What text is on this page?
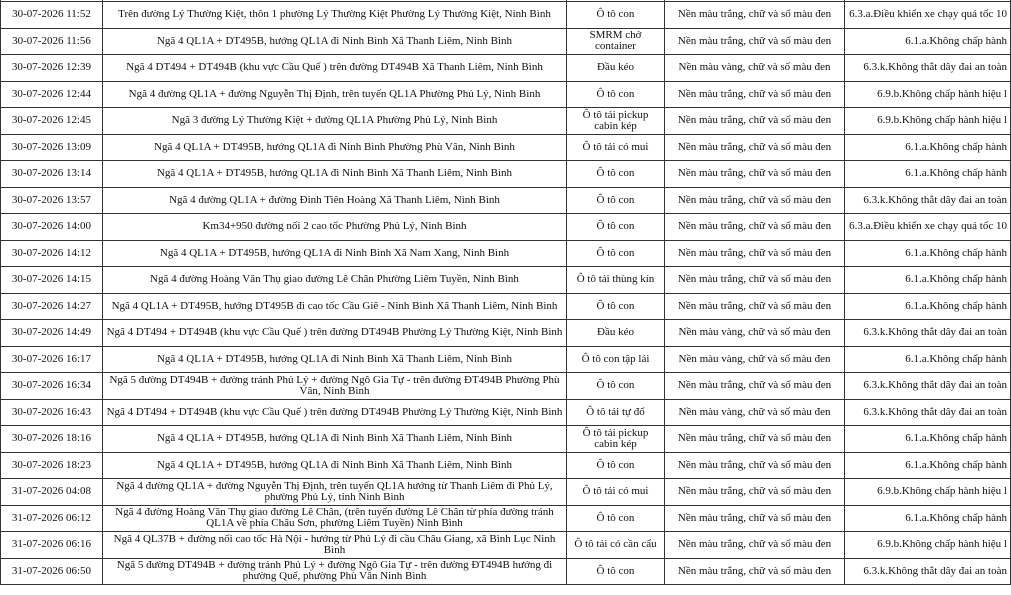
30-07-2026 11:52	Trên đường Lý Thường Kiệt, thôn 1 phường Lý Thường Kiệt Phường Lý Thường Kiệt, Ninh Bình	Ô tô con	Nền màu trắng, chữ và số màu đen	6.3.a.Điều khiển xe chạy quá tốc 10
30-07-2026 11:56	Ngã 4 QL1A + DT495B, hướng QL1A đi Ninh Bình Xã Thanh Liêm, Ninh Bình	SMRM chở container	Nền màu trắng, chữ và số màu đen	6.1.a.Không chấp hành
30-07-2026 12:39	Ngã 4 DT494 + DT494B (khu vực Cầu Quế ) trên đường DT494B Xã Thanh Liêm, Ninh Bình	Đầu kéo	Nền màu vàng, chữ và số màu đen	6.3.k.Không thắt dây đai an toàn
30-07-2026 12:44	Ngã 4 đường QL1A + đường Nguyễn Thị Định, trên tuyến QL1A Phường Phủ Lý, Ninh Bình	Ô tô con	Nền màu trắng, chữ và số màu đen	6.9.b.Không chấp hành hiệu l
30-07-2026 12:45	Ngã 3 đường Lý Thường Kiệt + đường QL1A Phường Phủ Lý, Ninh Bình	Ô tô tải pickup cabin kép	Nền màu trắng, chữ và số màu đen	6.9.b.Không chấp hành hiệu l
30-07-2026 13:09	Ngã 4 QL1A + DT495B, hướng QL1A đi Ninh Bình Phường Phù Vân, Ninh Bình	Ô tô tải có mui	Nền màu trắng, chữ và số màu đen	6.1.a.Không chấp hành
30-07-2026 13:14	Ngã 4 QL1A + DT495B, hướng QL1A đi Ninh Bình Xã Thanh Liêm, Ninh Bình	Ô tô con	Nền màu trắng, chữ và số màu đen	6.1.a.Không chấp hành
30-07-2026 13:57	Ngã 4 đường QL1A + đường Đinh Tiên Hoàng Xã Thanh Liêm, Ninh Bình	Ô tô con	Nền màu trắng, chữ và số màu đen	6.3.k.Không thắt dây đai an toàn
30-07-2026 14:00	Km34+950 đường nối 2 cao tốc Phường Phủ Lý, Ninh Bình	Ô tô con	Nền màu trắng, chữ và số màu đen	6.3.a.Điều khiển xe chạy quá tốc 10
30-07-2026 14:12	Ngã 4 QL1A + DT495B, hướng QL1A đi Ninh Bình Xã Nam Xang, Ninh Bình	Ô tô con	Nền màu trắng, chữ và số màu đen	6.1.a.Không chấp hành
30-07-2026 14:15	Ngã 4 đường Hoàng Văn Thụ giao đường Lê Chân Phường Liêm Tuyền, Ninh Bình	Ô tô tải thùng kín	Nền màu trắng, chữ và số màu đen	6.1.a.Không chấp hành
30-07-2026 14:27	Ngã 4 QL1A + DT495B, hướng DT495B đi cao tốc Cầu Giẽ - Ninh Bình Xã Thanh Liêm, Ninh Bình	Ô tô con	Nền màu trắng, chữ và số màu đen	6.1.a.Không chấp hành
30-07-2026 14:49	Ngã 4 DT494 + DT494B (khu vực Cầu Quế ) trên đường DT494B Phường Lý Thường Kiệt, Ninh Bình	Đầu kéo	Nền màu vàng, chữ và số màu đen	6.3.k.Không thắt dây đai an toàn
30-07-2026 16:17	Ngã 4 QL1A + DT495B, hướng QL1A đi Ninh Bình Xã Thanh Liêm, Ninh Bình	Ô tô con tập lái	Nền màu vàng, chữ và số màu đen	6.1.a.Không chấp hành
30-07-2026 16:34	Ngã 5 đường DT494B + đường tránh Phủ Lý + đường Ngô Gia Tự - trên đường ĐT494B Phường Phù Vân, Ninh Bình	Ô tô con	Nền màu trắng, chữ và số màu đen	6.3.k.Không thắt dây đai an toàn
30-07-2026 16:43	Ngã 4 DT494 + DT494B (khu vực Cầu Quế ) trên đường DT494B Phường Lý Thường Kiệt, Ninh Bình	Ô tô tải tự đổ	Nền màu vàng, chữ và số màu đen	6.3.k.Không thắt dây đai an toàn
30-07-2026 18:16	Ngã 4 QL1A + DT495B, hướng QL1A đi Ninh Bình Xã Thanh Liêm, Ninh Bình	Ô tô tải pickup cabin kép	Nền màu trắng, chữ và số màu đen	6.1.a.Không chấp hành
30-07-2026 18:23	Ngã 4 QL1A + DT495B, hướng QL1A đi Ninh Bình Xã Thanh Liêm, Ninh Bình	Ô tô con	Nền màu trắng, chữ và số màu đen	6.1.a.Không chấp hành
31-07-2026 04:08	Ngã 4 đường QL1A + đường Nguyễn Thị Định, trên tuyến QL1A hướng từ Thanh Liêm đi Phủ Lý, phường Phủ Lý, tỉnh Ninh Bình	Ô tô tải có mui	Nền màu trắng, chữ và số màu đen	6.9.b.Không chấp hành hiệu l
31-07-2026 06:12	Ngã 4 đường Hoàng Văn Thụ giao đường Lê Chân, (trên tuyến đường Lê Chân từ phía đường tránh QL1A về phía Châu Sơn, phường Liêm Tuyền) Ninh Bình	Ô tô con	Nền màu trắng, chữ và số màu đen	6.1.a.Không chấp hành
31-07-2026 06:16	Ngã 4 QL37B + đường nối cao tốc Hà Nội - hướng từ Phủ Lý đi cầu Châu Giang, xã Bình Lục Ninh Bình	Ô tô tải có cần cẩu	Nền màu trắng, chữ và số màu đen	6.9.b.Không chấp hành hiệu l
31-07-2026 06:50	Ngã 5 đường DT494B + đường tránh Phủ Lý + đường Ngô Gia Tự - trên đường ĐT494B hướng đi phường Quế, phường Phù Vân Ninh Bình	Ô tô con	Nền màu trắng, chữ và số màu đen	6.3.k.Không thắt dây đai an toàn
